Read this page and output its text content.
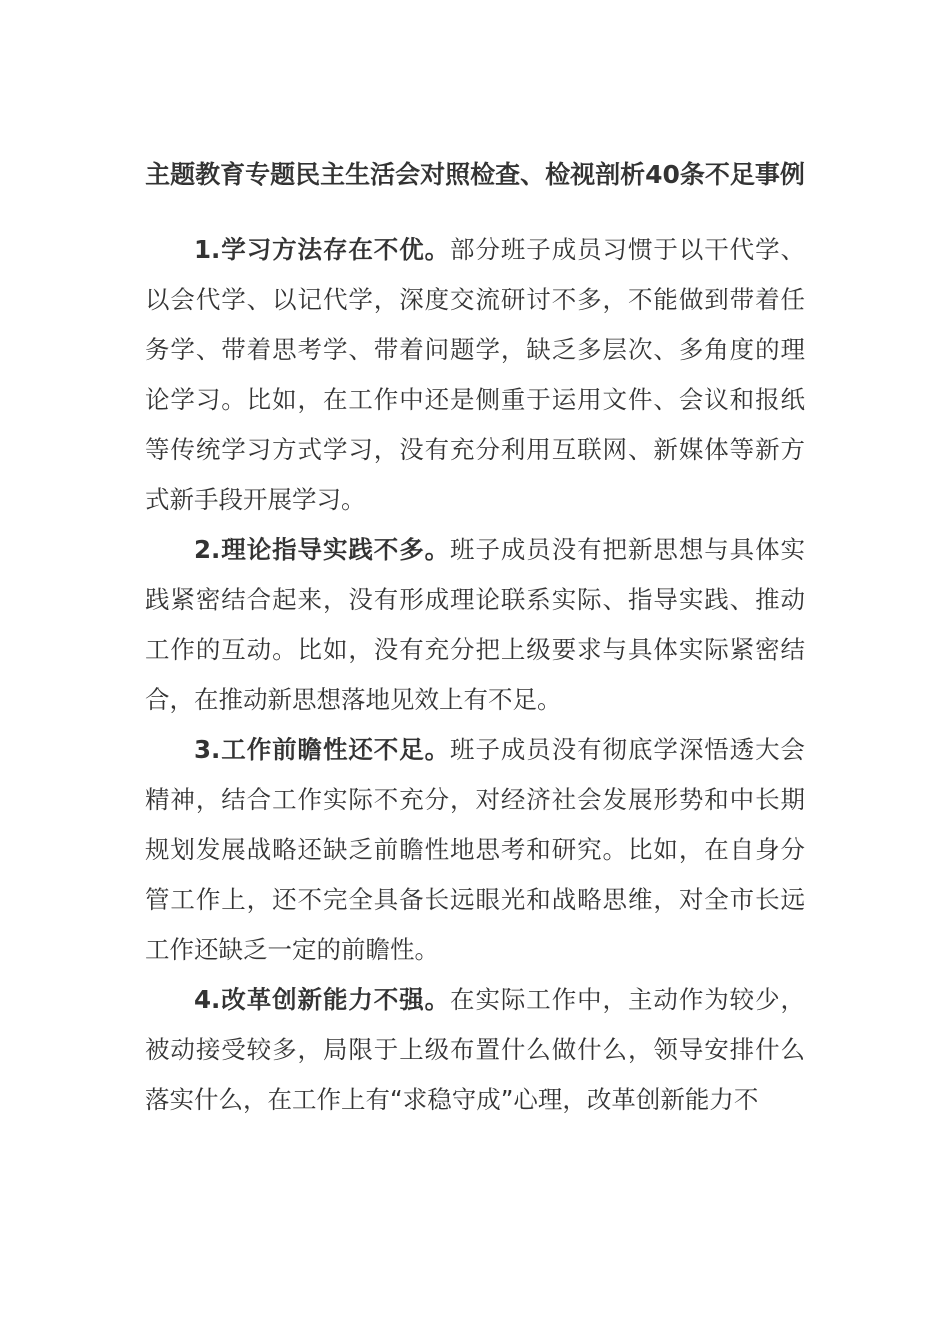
主题教育专题民主生活会对照检查、检视剖析40条不足事例

1.学习方法存在不优。部分班子成员习惯于以干代学、以会代学、以记代学，深度交流研讨不多，不能做到带着任务学、带着思考学、带着问题学，缺乏多层次、多角度的理论学习。比如，在工作中还是侧重于运用文件、会议和报纸等传统学习方式学习，没有充分利用互联网、新媒体等新方式新手段开展学习。

2.理论指导实践不多。班子成员没有把新思想与具体实践紧密结合起来，没有形成理论联系实际、指导实践、推动工作的互动。比如，没有充分把上级要求与具体实际紧密结合，在推动新思想落地见效上有不足。

3.工作前瞻性还不足。班子成员没有彻底学深悟透大会精神，结合工作实际不充分，对经济社会发展形势和中长期规划发展战略还缺乏前瞻性地思考和研究。比如，在自身分管工作上，还不完全具备长远眼光和战略思维，对全市长远工作还缺乏一定的前瞻性。

4.改革创新能力不强。在实际工作中，主动作为较少，被动接受较多，局限于上级布置什么做什么，领导安排什么落实什么，在工作上有“求稳守成”心理，改革创新能力不
